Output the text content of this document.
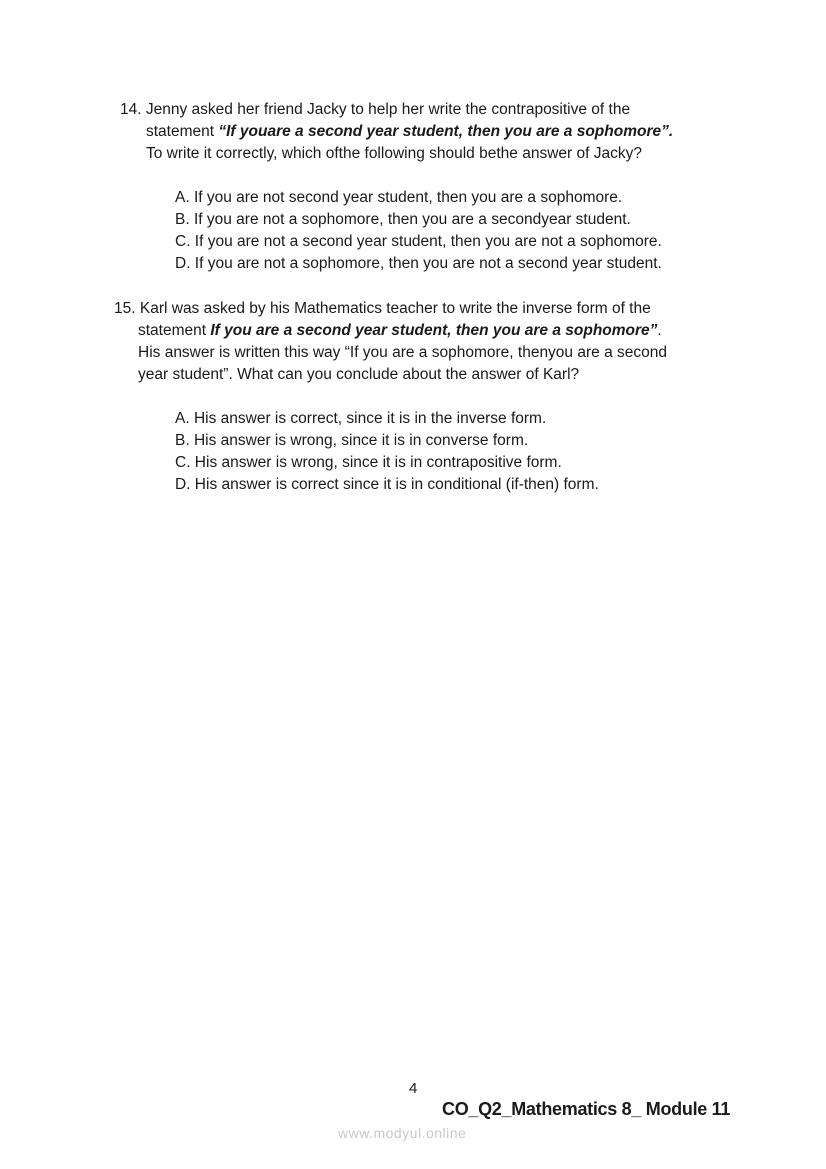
14. Jenny asked her friend Jacky to help her write the contrapositive of the
statement “If youare a second year student, then you are a sophomore”.
To write it correctly, which ofthe following should bethe answer of Jacky?
A. If you are not second year student, then you are a sophomore.
B. If you are not a sophomore, then you are a secondyear student.
C. If you are not a second year student, then you are not a sophomore.
D. If you are not a sophomore, then you are not a second year student.
15. Karl was asked by his Mathematics teacher to write the inverse form of the
statement If you are a second year student, then you are a sophomore”.
His answer is written this way “If you are a sophomore, thenyou are a second
year student”. What can you conclude about the answer of Karl?
A. His answer is correct, since it is in the inverse form.
B. His answer is wrong, since it is in converse form.
C. His answer is wrong, since it is in contrapositive form.
D. His answer is correct since it is in conditional (if-then) form.
4
CO_Q2_Mathematics 8_ Module 11
www.modyul.online
